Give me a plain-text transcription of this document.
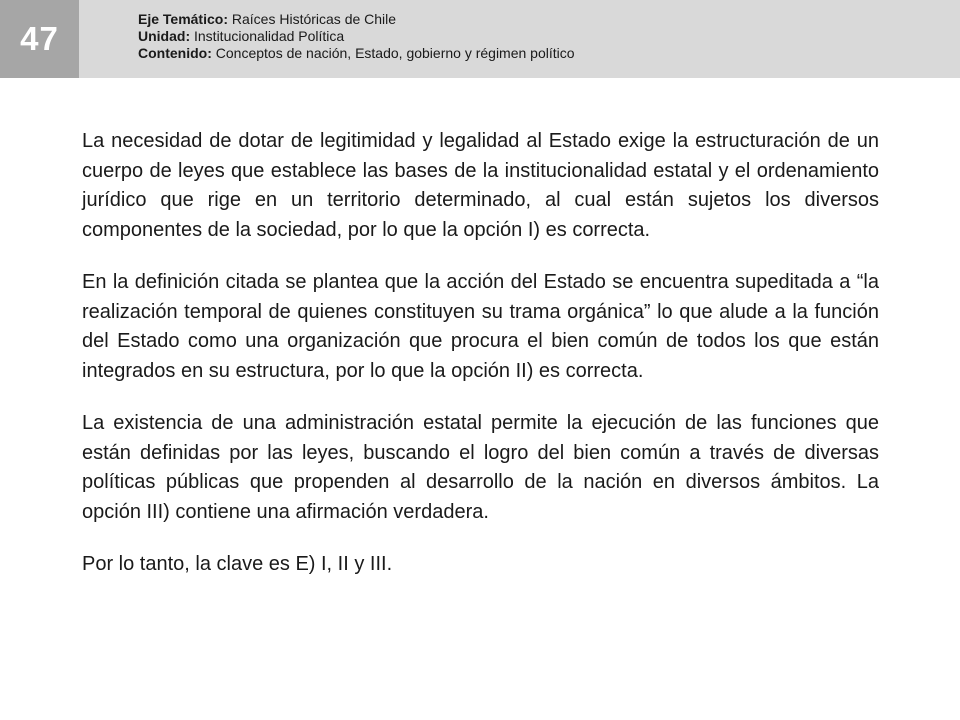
47
Eje Temático: Raíces Históricas de Chile
Unidad: Institucionalidad Política
Contenido: Conceptos de nación, Estado, gobierno y régimen político

La necesidad de dotar de legitimidad y legalidad al Estado exige la estructuración de un cuerpo de leyes que establece las bases de la institucionalidad estatal y el ordenamiento jurídico que rige en un territorio determinado, al cual están sujetos los diversos componentes de la sociedad, por lo que la opción I) es correcta.

En la definición citada se plantea que la acción del Estado se encuentra supeditada a “la realización temporal de quienes constituyen su trama orgánica” lo que alude a la función del Estado como una organización que procura el bien común de todos los que están integrados en su estructura, por lo que la opción II) es correcta.

La existencia de una administración estatal permite la ejecución de las funciones que están definidas por las leyes, buscando el logro del bien común a través de diversas políticas públicas que propenden al desarrollo de la nación en diversos ámbitos. La opción III) contiene una afirmación verdadera.

Por lo tanto, la clave es E) I, II y III.
